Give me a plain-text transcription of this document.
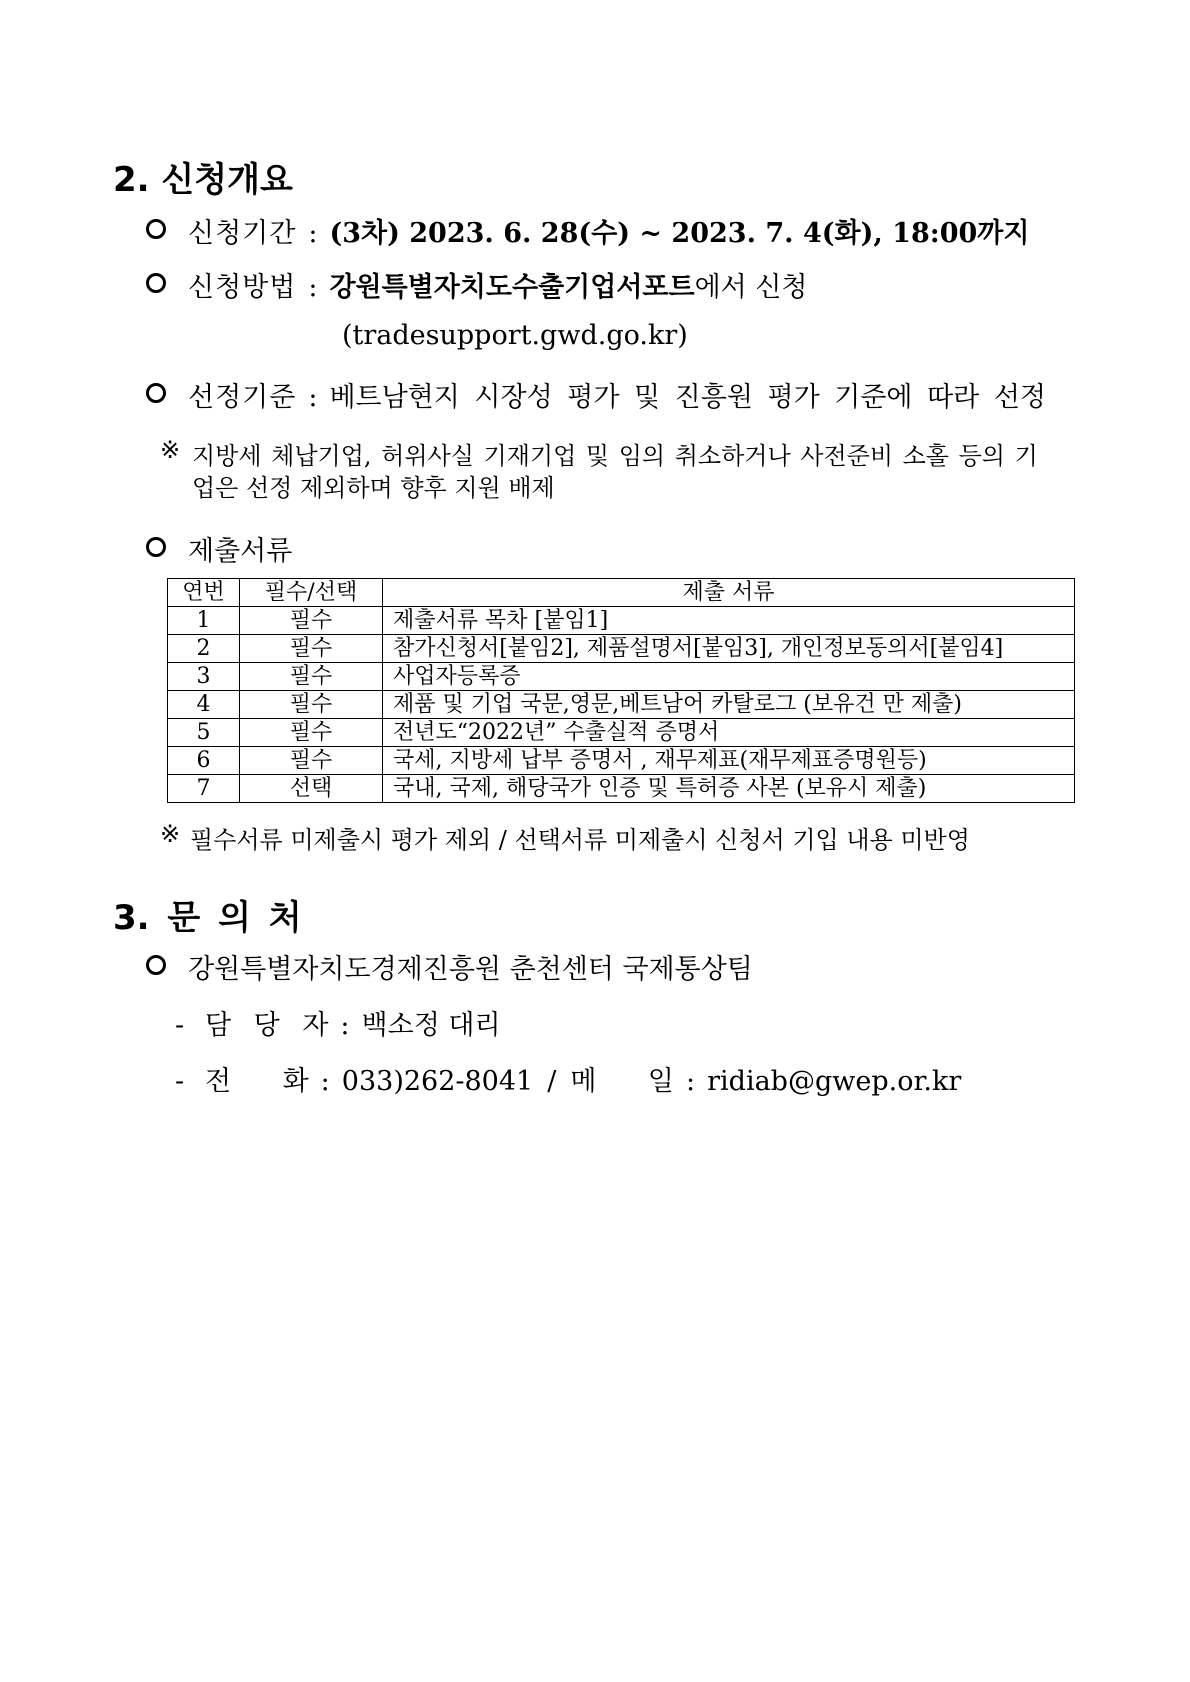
2. 신청개요
신청기간 : (3차) 2023. 6. 28(수) ~ 2023. 7. 4(화), 18:00까지
신청방법 : 강원특별자치도수출기업서포트 에서 신청
(tradesupport.gwd.go.kr)
선정기준 : 베트남현지 시장성 평가 및 진흥원 평가 기준에 따라 선정
※ 지방세 체납기업, 허위사실 기재기업 및 임의 취소하거나 사전준비 소홀 등의 기
업은 선정 제외하며 향후 지원 배제
제출서류
연번	필수/선택	제출 서류
1	필수	제출서류 목차 [붙임1]
2	필수	참가신청서[붙임2], 제품설명서[붙임3], 개인정보동의서[붙임4]
3	필수	사업자등록증
4	필수	제품 및 기업 국문,영문,베트남어 카탈로그 (보유건 만 제출)
5	필수	전년도“2022년” 수출실적 증명서
6	필수	국세, 지방세 납부 증명서 , 재무제표(재무제표증명원등)
7	선택	국내, 국제, 해당국가 인증 및 특허증 사본 (보유시 제출)
※ 필수서류 미제출시 평가 제외 / 선택서류 미제출시 신청서 기입 내용 미반영
3. 문 의 처
강원특별자치도경제진흥원 춘천센터 국제통상팀
- 담 당 자 : 백소정 대리
- 전      화 : 033)262-8041 / 메      일 : ridiab@gwep.or.kr
